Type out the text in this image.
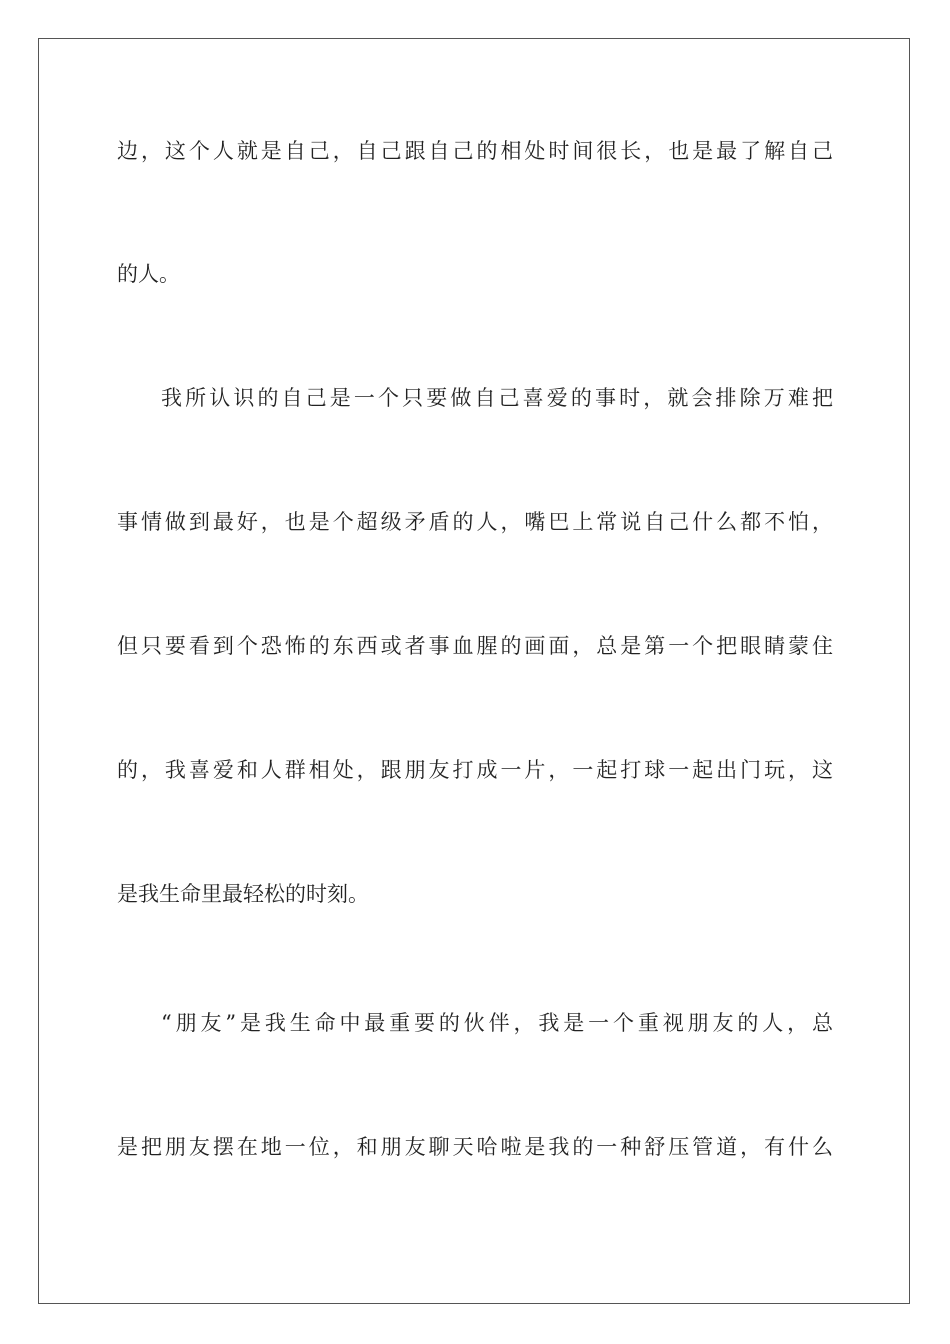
边，这个人就是自己，自己跟自己的相处时间很长，也是最了解自己
的人。
我所认识的自己是一个只要做自己喜爱的事时，就会排除万难把
事情做到最好，也是个超级矛盾的人，嘴巴上常说自己什么都不怕，
但只要看到个恐怖的东西或者事血腥的画面，总是第一个把眼睛蒙住
的，我喜爱和人群相处，跟朋友打成一片，一起打球一起出门玩，这
是我生命里最轻松的时刻。
“朋友”是我生命中最重要的伙伴，我是一个重视朋友的人，总
是把朋友摆在地一位，和朋友聊天哈啦是我的一种舒压管道，有什么
